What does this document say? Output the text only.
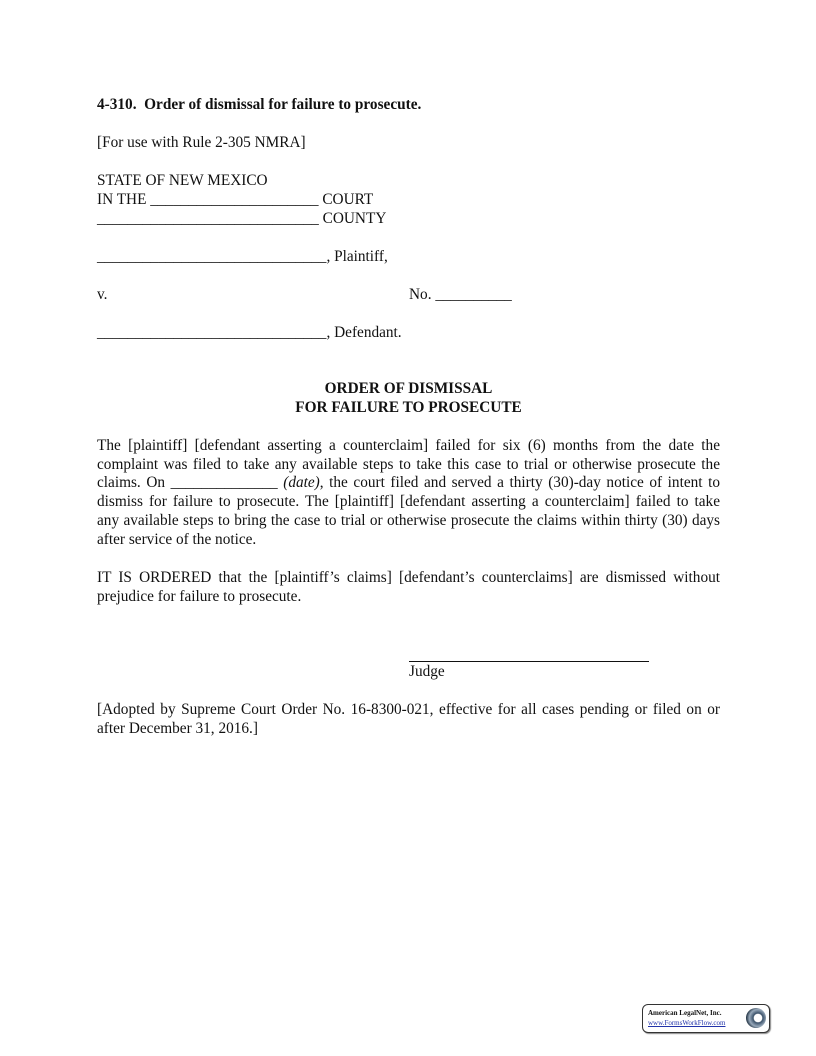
4-310.  Order of dismissal for failure to prosecute.
[For use with Rule 2-305 NMRA]
STATE OF NEW MEXICO
IN THE ______________________ COURT
_____________________________ COUNTY
______________________________, Plaintiff,
v.	No. __________
______________________________, Defendant.
ORDER OF DISMISSAL
FOR FAILURE TO PROSECUTE
The [plaintiff] [defendant asserting a counterclaim] failed for six (6) months from the date the
complaint was filed to take any available steps to take this case to trial or otherwise prosecute the
claims. On ______________ (date), the court filed and served a thirty (30)-day notice of intent to
dismiss for failure to prosecute. The [plaintiff] [defendant asserting a counterclaim] failed to take
any available steps to bring the case to trial or otherwise prosecute the claims within thirty (30) days
after service of the notice.
IT IS ORDERED that the [plaintiff’s claims] [defendant’s counterclaims] are dismissed without
prejudice for failure to prosecute.
Judge
[Adopted by Supreme Court Order No. 16-8300-021, effective for all cases pending or filed on or
after December 31, 2016.]
American LegalNet, Inc.
www.FormsWorkFlow.com
